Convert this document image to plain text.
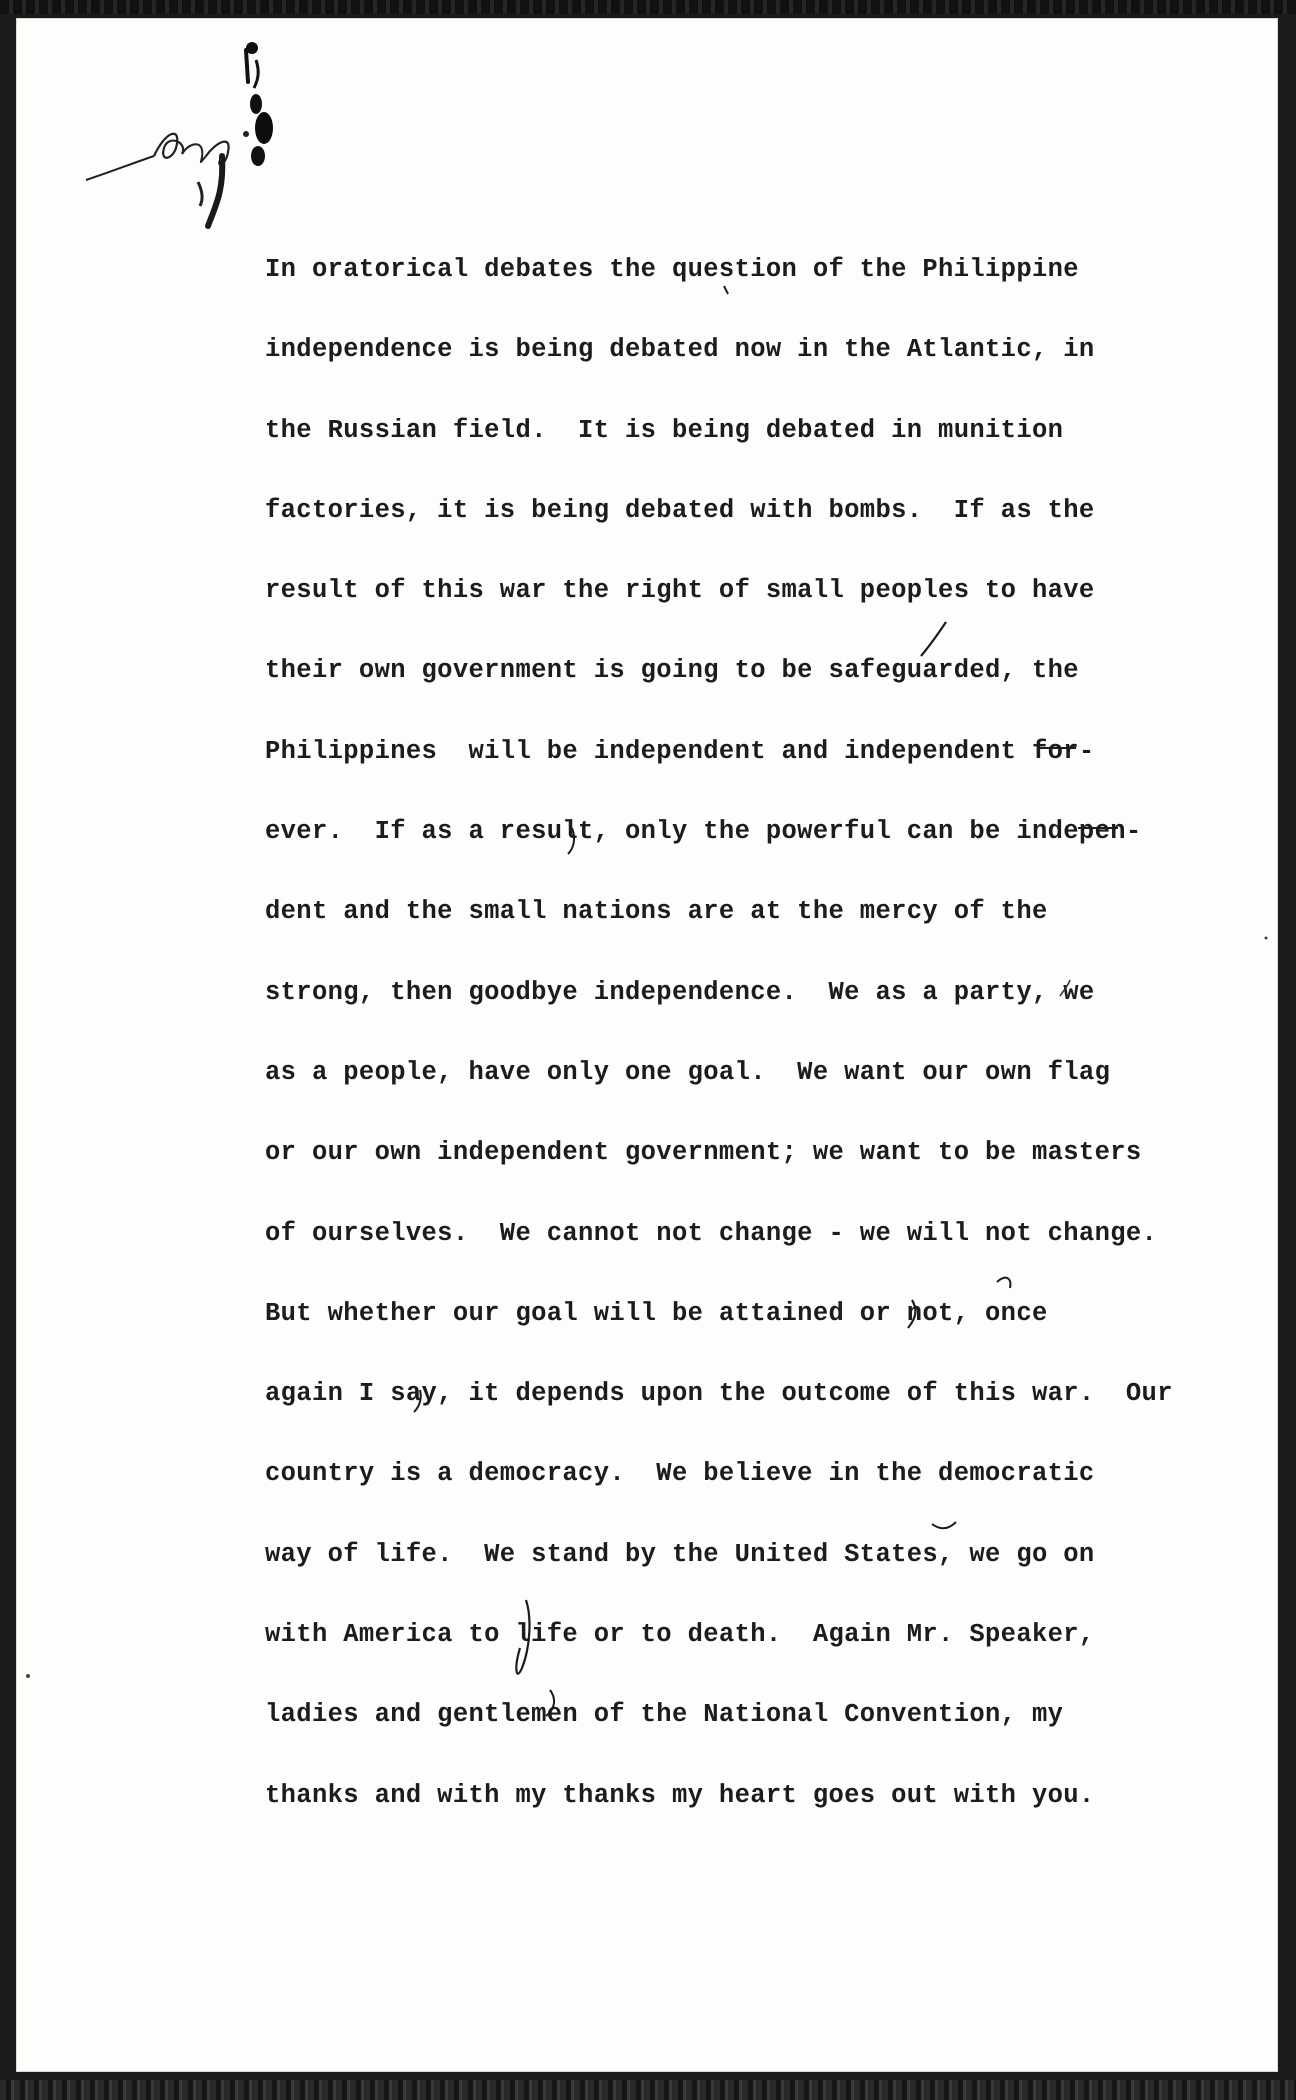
In oratorical debates the question of the Philippine
independence is being debated now in the Atlantic, in
the Russian field.  It is being debated in munition
factories, it is being debated with bombs.  If as the
result of this war the right of small peoples to have
their own government is going to be safeguarded, the
Philippines  will be independent and independent for-
ever.  If as a result, only the powerful can be indepen-
dent and the small nations are at the mercy of the
strong, then goodbye independence.  We as a party, we
as a people, have only one goal.  We want our own flag
or our own independent government; we want to be masters
of ourselves.  We cannot not change - we will not change.
But whether our goal will be attained or not, once
again I say, it depends upon the outcome of this war.  Our
country is a democracy.  We believe in the democratic
way of life.  We stand by the United States, we go on
with America to life or to death.  Again Mr. Speaker,
ladies and gentlemen of the National Convention, my
thanks and with my thanks my heart goes out with you.
